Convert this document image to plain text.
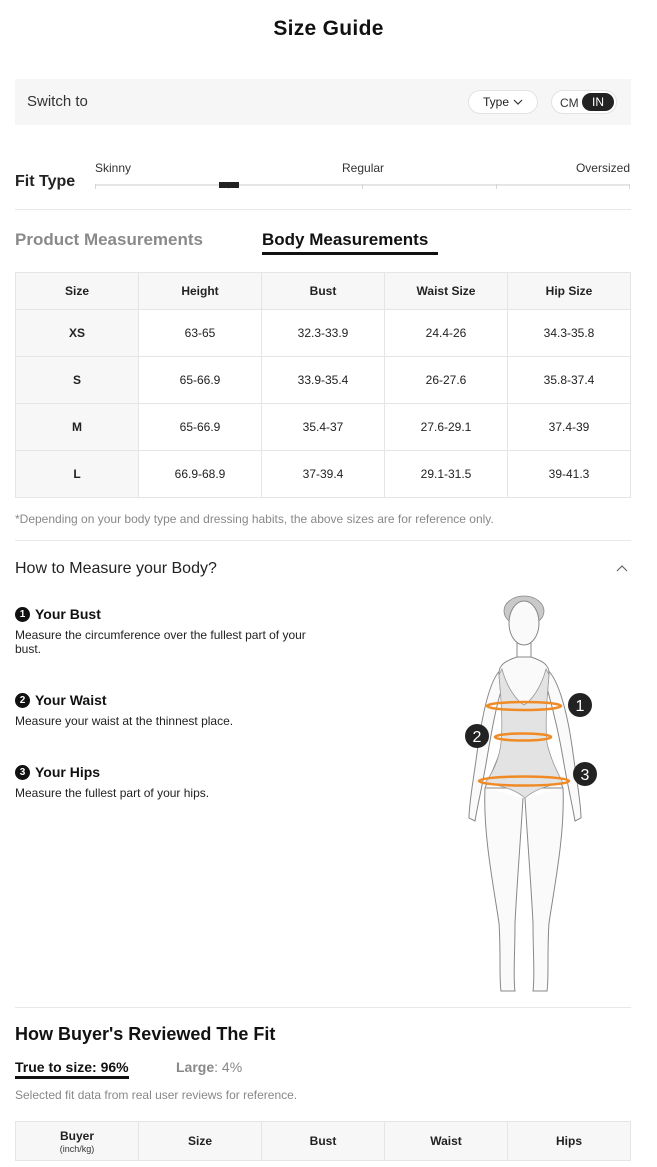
Size Guide
Switch to	Type	CM	IN
Fit Type
Skinny	Regular	Oversized
Product Measurements	Body Measurements
Size	Height	Bust	Waist Size	Hip Size
XS	63-65	32.3-33.9	24.4-26	34.3-35.8
S	65-66.9	33.9-35.4	26-27.6	35.8-37.4
M	65-66.9	35.4-37	27.6-29.1	37.4-39
L	66.9-68.9	37-39.4	29.1-31.5	39-41.3
*Depending on your body type and dressing habits, the above sizes are for reference only.
How to Measure your Body?
1 Your Bust
Measure the circumference over the fullest part of your bust.
2 Your Waist
Measure your waist at the thinnest place.
3 Your Hips
Measure the fullest part of your hips.
1
2
3
How Buyer's Reviewed The Fit
True to size: 96%	Large: 4%
Selected fit data from real user reviews for reference.
Buyer
(inch/kg)
	Size	Bust	Waist	Hips
